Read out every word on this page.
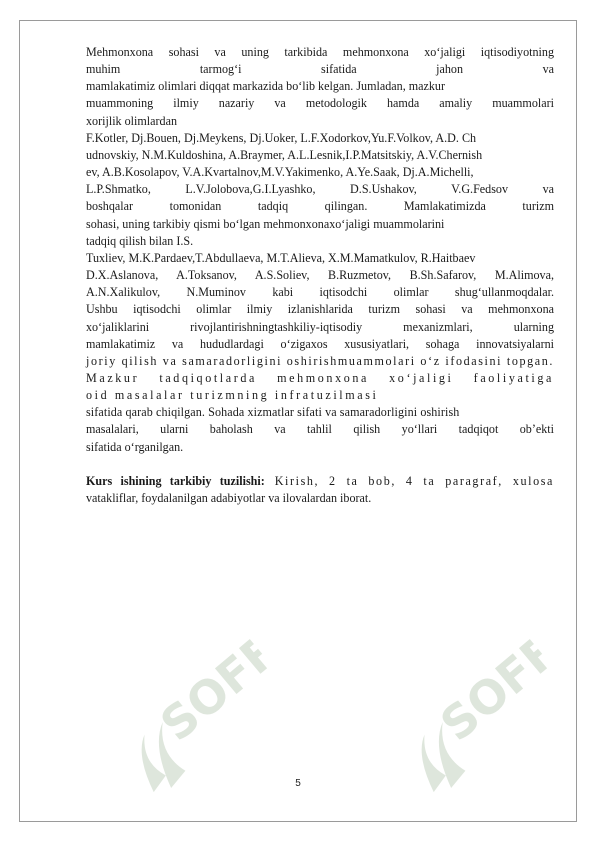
SOFF	SOFF
Mehmonxona sohasi va uning tarkibida mehmonxona xo‘jaligi iqtisodiyotning
muhim tarmog‘i sifatida jahon va
mamlakatimiz olimlari diqqat markazida bo‘lib kelgan. Jumladan, mazkur
muammoning ilmiy nazariy va metodologik hamda amaliy muammolari
xorijlik olimlardan
F.Kotler, Dj.Bouen, Dj.Meykens, Dj.Uoker, L.F.Xodorkov,Yu.F.Volkov, A.D. Ch
udnovskiy, N.M.Kuldoshina, A.Braymer, A.L.Lesnik,I.P.Matsitskiy, A.V.Chernish
ev, A.B.Kosolapov, V.A.Kvartalnov,M.V.Yakimenko, A.Ye.Saak, Dj.A.Michelli,
L.P.Shmatko, L.V.Jolobova,G.I.Lyashko, D.S.Ushakov, V.G.Fedsov va
boshqalar tomonidan tadqiq qilingan. Mamlakatimizda turizm
sohasi, uning tarkibiy qismi bo‘lgan mehmonxonaxo‘jaligi muammolarini
tadqiq qilish bilan I.S.
Tuxliev, M.K.Pardaev,T.Abdullaeva, M.T.Alieva, X.M.Mamatkulov, R.Haitbaev
D.X.Aslanova, A.Toksanov, A.S.Soliev, B.Ruzmetov, B.Sh.Safarov, M.Alimova,
A.N.Xalikulov, N.Muminov kabi iqtisodchi olimlar shug‘ullanmoqdalar.
Ushbu iqtisodchi olimlar ilmiy izlanishlarida turizm sohasi va mehmonxona
xo‘jaliklarini rivojlantirishningtashkiliy-iqtisodiy mexanizmlari, ularning
mamlakatimiz va hududlardagi o‘zigaxos xususiyatlari, sohaga innovatsiyalarni
joriy qilish va samaradorligini oshirishmuammolari o‘z ifodasini topgan.
Mazkur tadqiqotlarda mehmonxona xo‘jaligi faoliyatiga
oid masalalar turizmning infratuzilmasi
sifatida qarab chiqilgan. Sohada xizmatlar sifati va samaradorligini oshirish
masalalari, ularni baholash va tahlil qilish yo‘llari tadqiqot ob’ekti
sifatida o‘rganilgan.

Kurs ishining tarkibiy tuzilishi: Kirish, 2 ta bob, 4 ta paragraf, xulosa
vatakliflar, foydalanilgan adabiyotlar va ilovalardan iborat.

5
